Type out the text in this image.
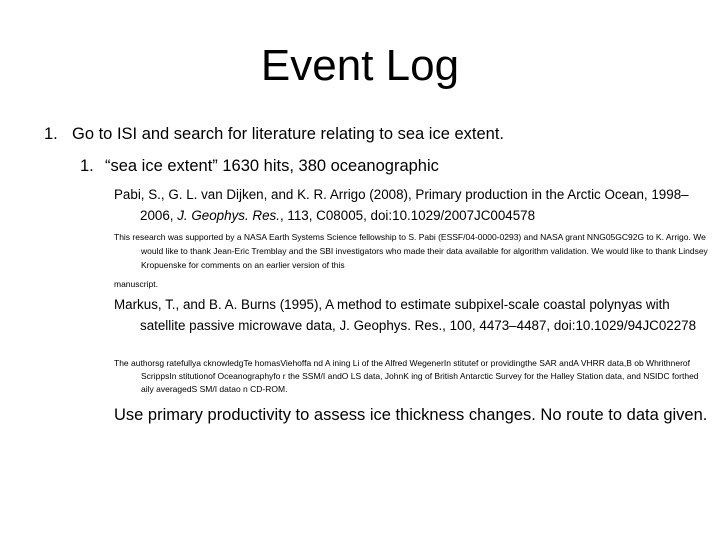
Event Log
1. Go to ISI and search for literature relating to sea ice extent.
1. “sea ice extent” 1630 hits, 380 oceanographic
Pabi, S., G. L. van Dijken, and K. R. Arrigo (2008), Primary production in the Arctic Ocean, 1998–2006, J. Geophys. Res., 113, C08005, doi:10.1029/2007JC004578
This research was supported by a NASA Earth Systems Science fellowship to S. Pabi (ESSF/04-0000-0293) and NASA grant NNG05GC92G to K. Arrigo. We would like to thank Jean-Eric Tremblay and the SBI investigators who made their data available for algorithm validation. We would like to thank Lindsey Kropuenske for comments on an earlier version of this
manuscript.
Markus, T., and B. A. Burns (1995), A method to estimate subpixel-scale coastal polynyas with satellite passive microwave data, J. Geophys. Res., 100, 4473–4487, doi:10.1029/94JC02278
The authorsg ratefullya cknowledgTe homasViehoffa nd A ining Li of the Alfred WegenerIn stitutef or providingthe SAR andA VHRR data,B ob Whrithnerof ScrippsIn stitutionof Oceanographyfo r the SSM/I andO LS data, JohnK ing of British Antarctic Survey for the Halley Station data, and NSIDC forthed aily averagedS SM/I datao n CD-ROM.
Use primary productivity to assess ice thickness changes. No route to data given.
